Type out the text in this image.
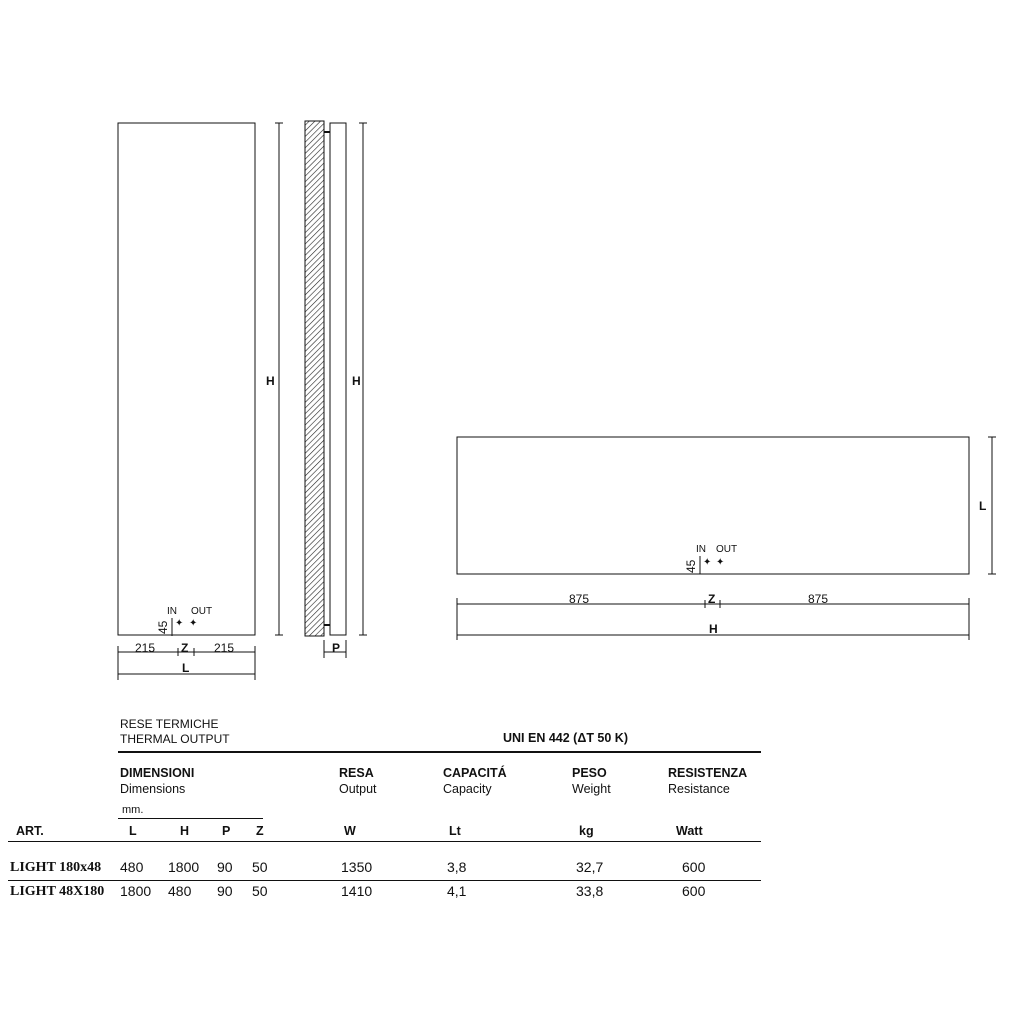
H
IN OUT
✦ ✦
45
215 Z 215
L
H
P
L
IN OUT
✦ ✦
45
875	Z	875
H
RESE TERMICHE
THERMAL OUTPUT	UNI EN 442 (ΔT 50 K)
DIMENSIONI
Dimensions
mm.
RESA
Output
CAPACITÁ
Capacity
PESO
Weight
RESISTENZA
Resistance
ART.	L	H	P Z	W	Lt	kg	Watt
LIGHT 180x48 480 1800 90 50	1350	3,8	32,7	600
LIGHT 48X180 1800 480 90 50	1410	4,1	33,8	600
